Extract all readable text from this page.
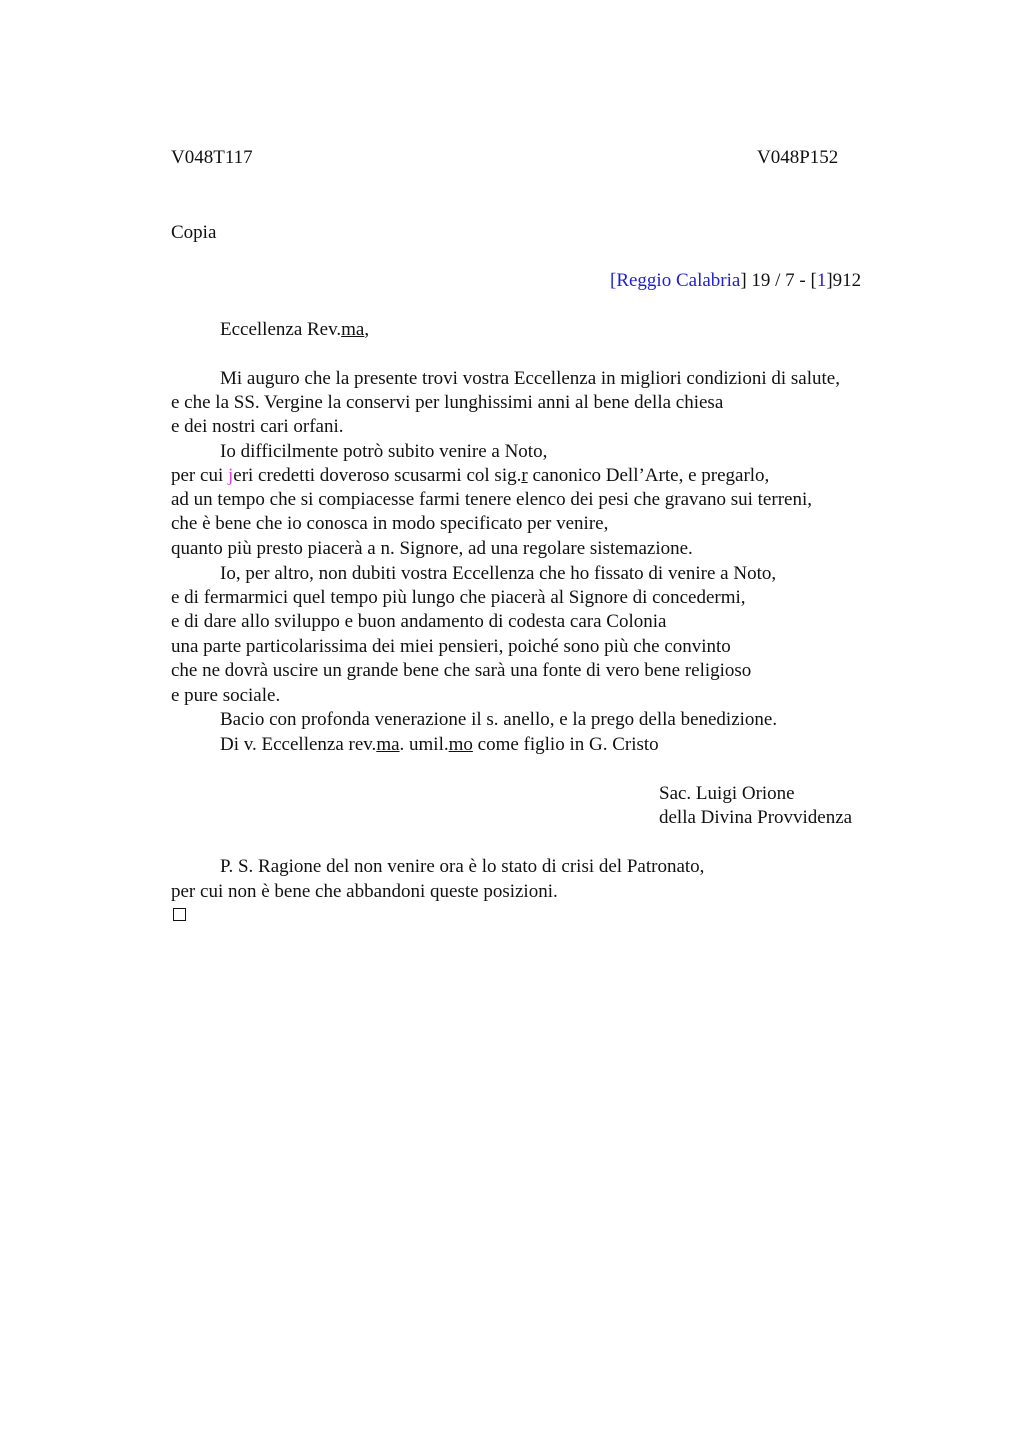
V048T117	V048P152
Copia
[Reggio Calabria] 19 / 7 - [1]912
Eccellenza Rev.ma,
Mi auguro che la presente trovi vostra Eccellenza in migliori condizioni di salute,
e che la SS. Vergine la conservi per lunghissimi anni al bene della chiesa
e dei nostri cari orfani.
Io difficilmente potrò subito venire a Noto,
per cui jeri credetti doveroso scusarmi col sig.r canonico Dell’Arte, e pregarlo,
ad un tempo che si compiacesse farmi tenere elenco dei pesi che gravano sui terreni,
che è bene che io conosca in modo specificato per venire,
quanto più presto piacerà a n. Signore, ad una regolare sistemazione.
Io, per altro, non dubiti vostra Eccellenza che ho fissato di venire a Noto,
e di fermarmici quel tempo più lungo che piacerà al Signore di concedermi,
e di dare allo sviluppo e buon andamento di codesta cara Colonia
una parte particolarissima dei miei pensieri, poiché sono più che convinto
che ne dovrà uscire un grande bene che sarà una fonte di vero bene religioso
e pure sociale.
Bacio con profonda venerazione il s. anello, e la prego della benedizione.
Di v. Eccellenza rev.ma. umil.mo come figlio in G. Cristo
Sac. Luigi Orione
della Divina Provvidenza
P. S. Ragione del non venire ora è lo stato di crisi del Patronato,
per cui non è bene che abbandoni queste posizioni.
